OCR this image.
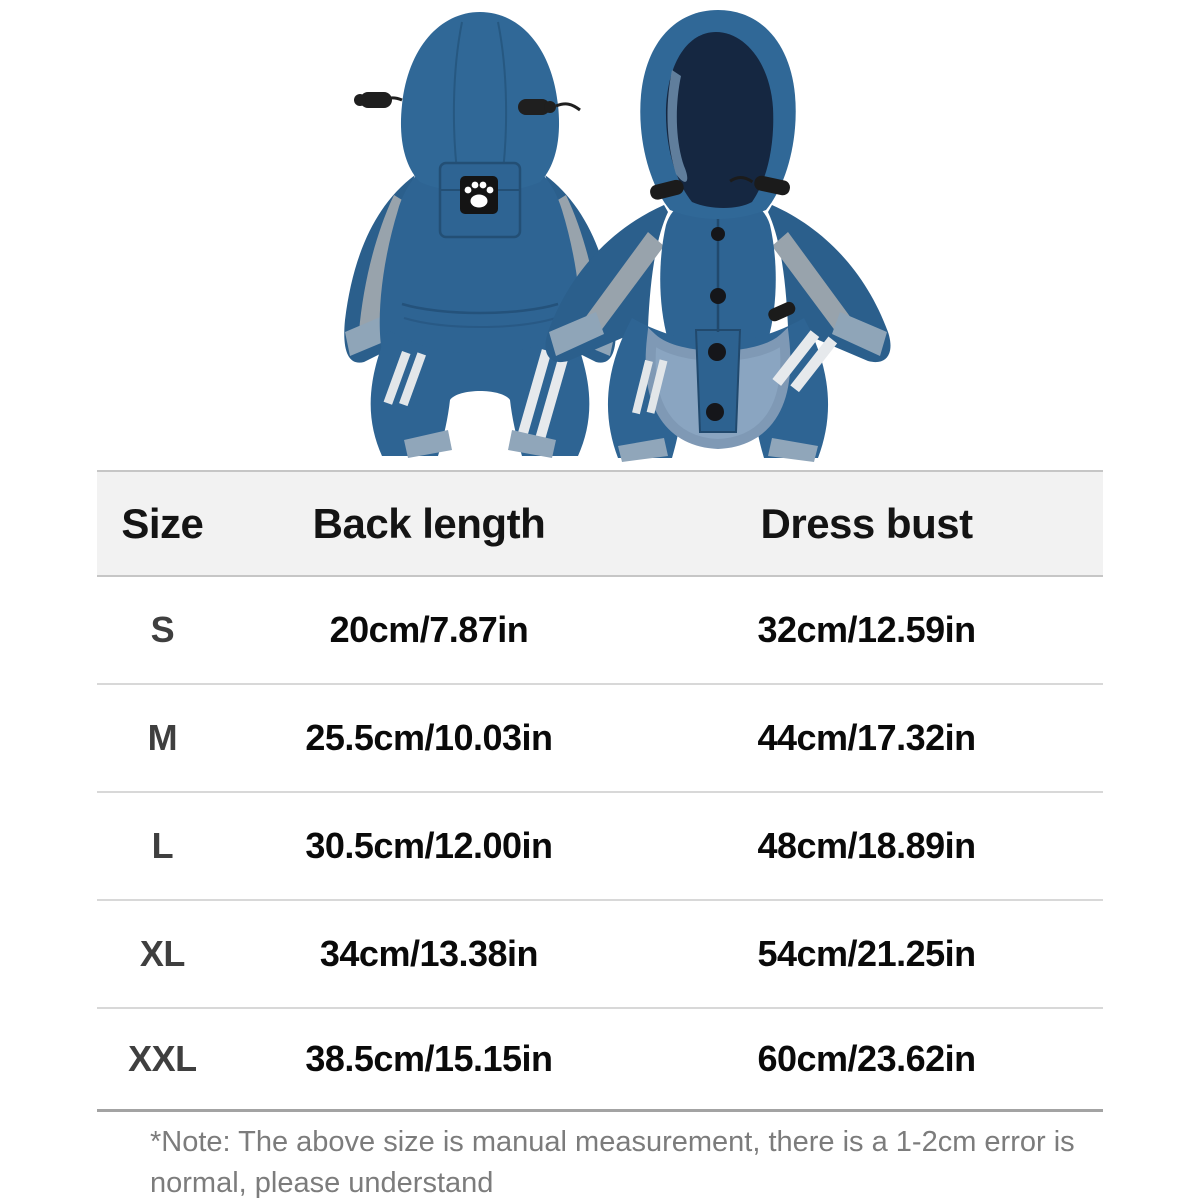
Size	Back length	Dress bust
S	20cm/7.87in	32cm/12.59in
M	25.5cm/10.03in	44cm/17.32in
L	30.5cm/12.00in	48cm/18.89in
XL	34cm/13.38in	54cm/21.25in
XXL	38.5cm/15.15in	60cm/23.62in
*Note: The above size is manual measurement, there is a 1-2cm error is normal, please understand
